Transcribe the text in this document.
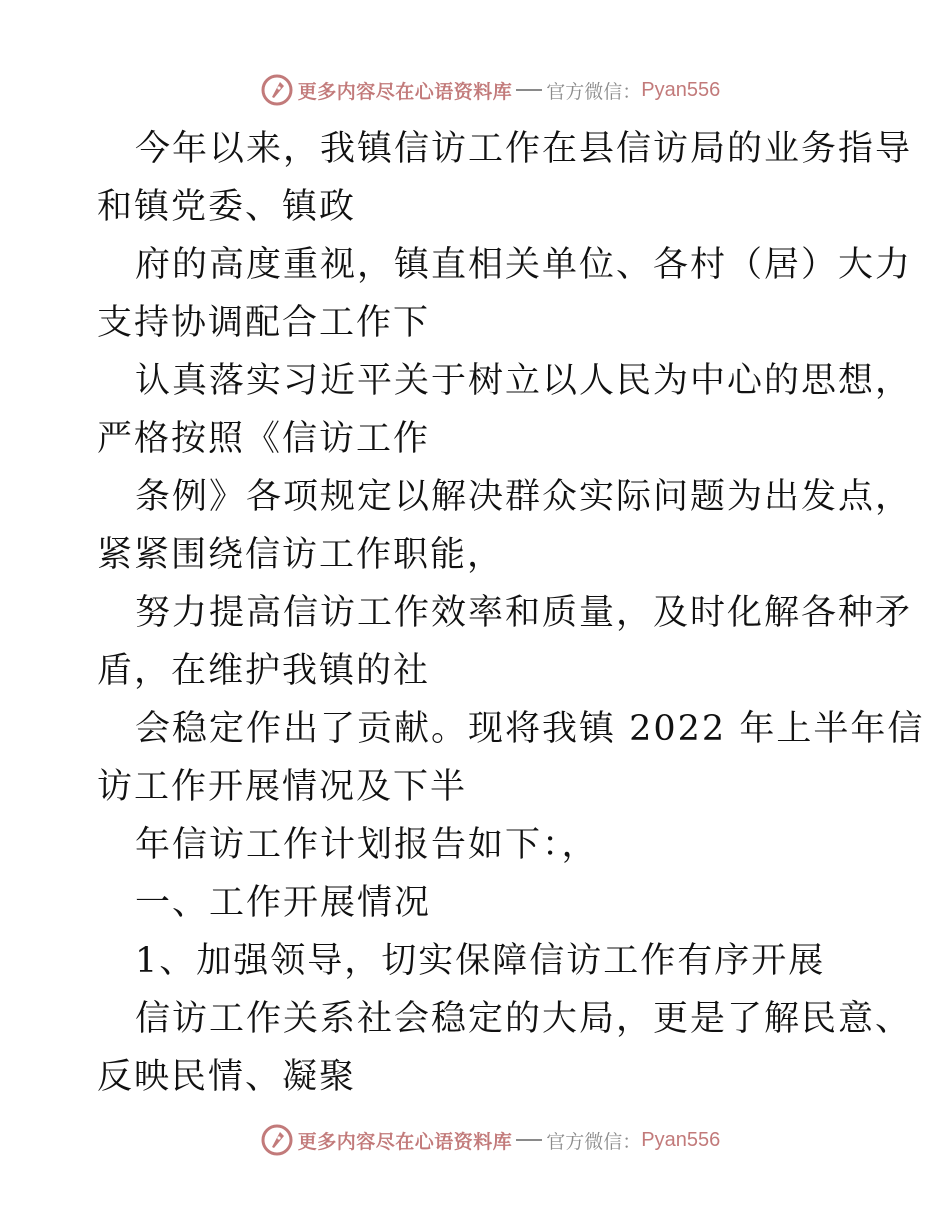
更多内容尽在心语资料库 官方微信： Pyan556
今年以来，我镇信访工作在县信访局的业务指导
和镇党委、镇政
府的高度重视，镇直相关单位、各村（居）大力
支持协调配合工作下
认真落实习近平关于树立以人民为中心的思想，
严格按照《信访工作
条例》各项规定以解决群众实际问题为出发点，
紧紧围绕信访工作职能，
努力提高信访工作效率和质量，及时化解各种矛
盾，在维护我镇的社
会稳定作出了贡献。现将我镇 2022 年上半年信
访工作开展情况及下半
年信访工作计划报告如下：，
一、工作开展情况
1、加强领导，切实保障信访工作有序开展
信访工作关系社会稳定的大局，更是了解民意、
反映民情、凝聚
更多内容尽在心语资料库 官方微信： Pyan556
